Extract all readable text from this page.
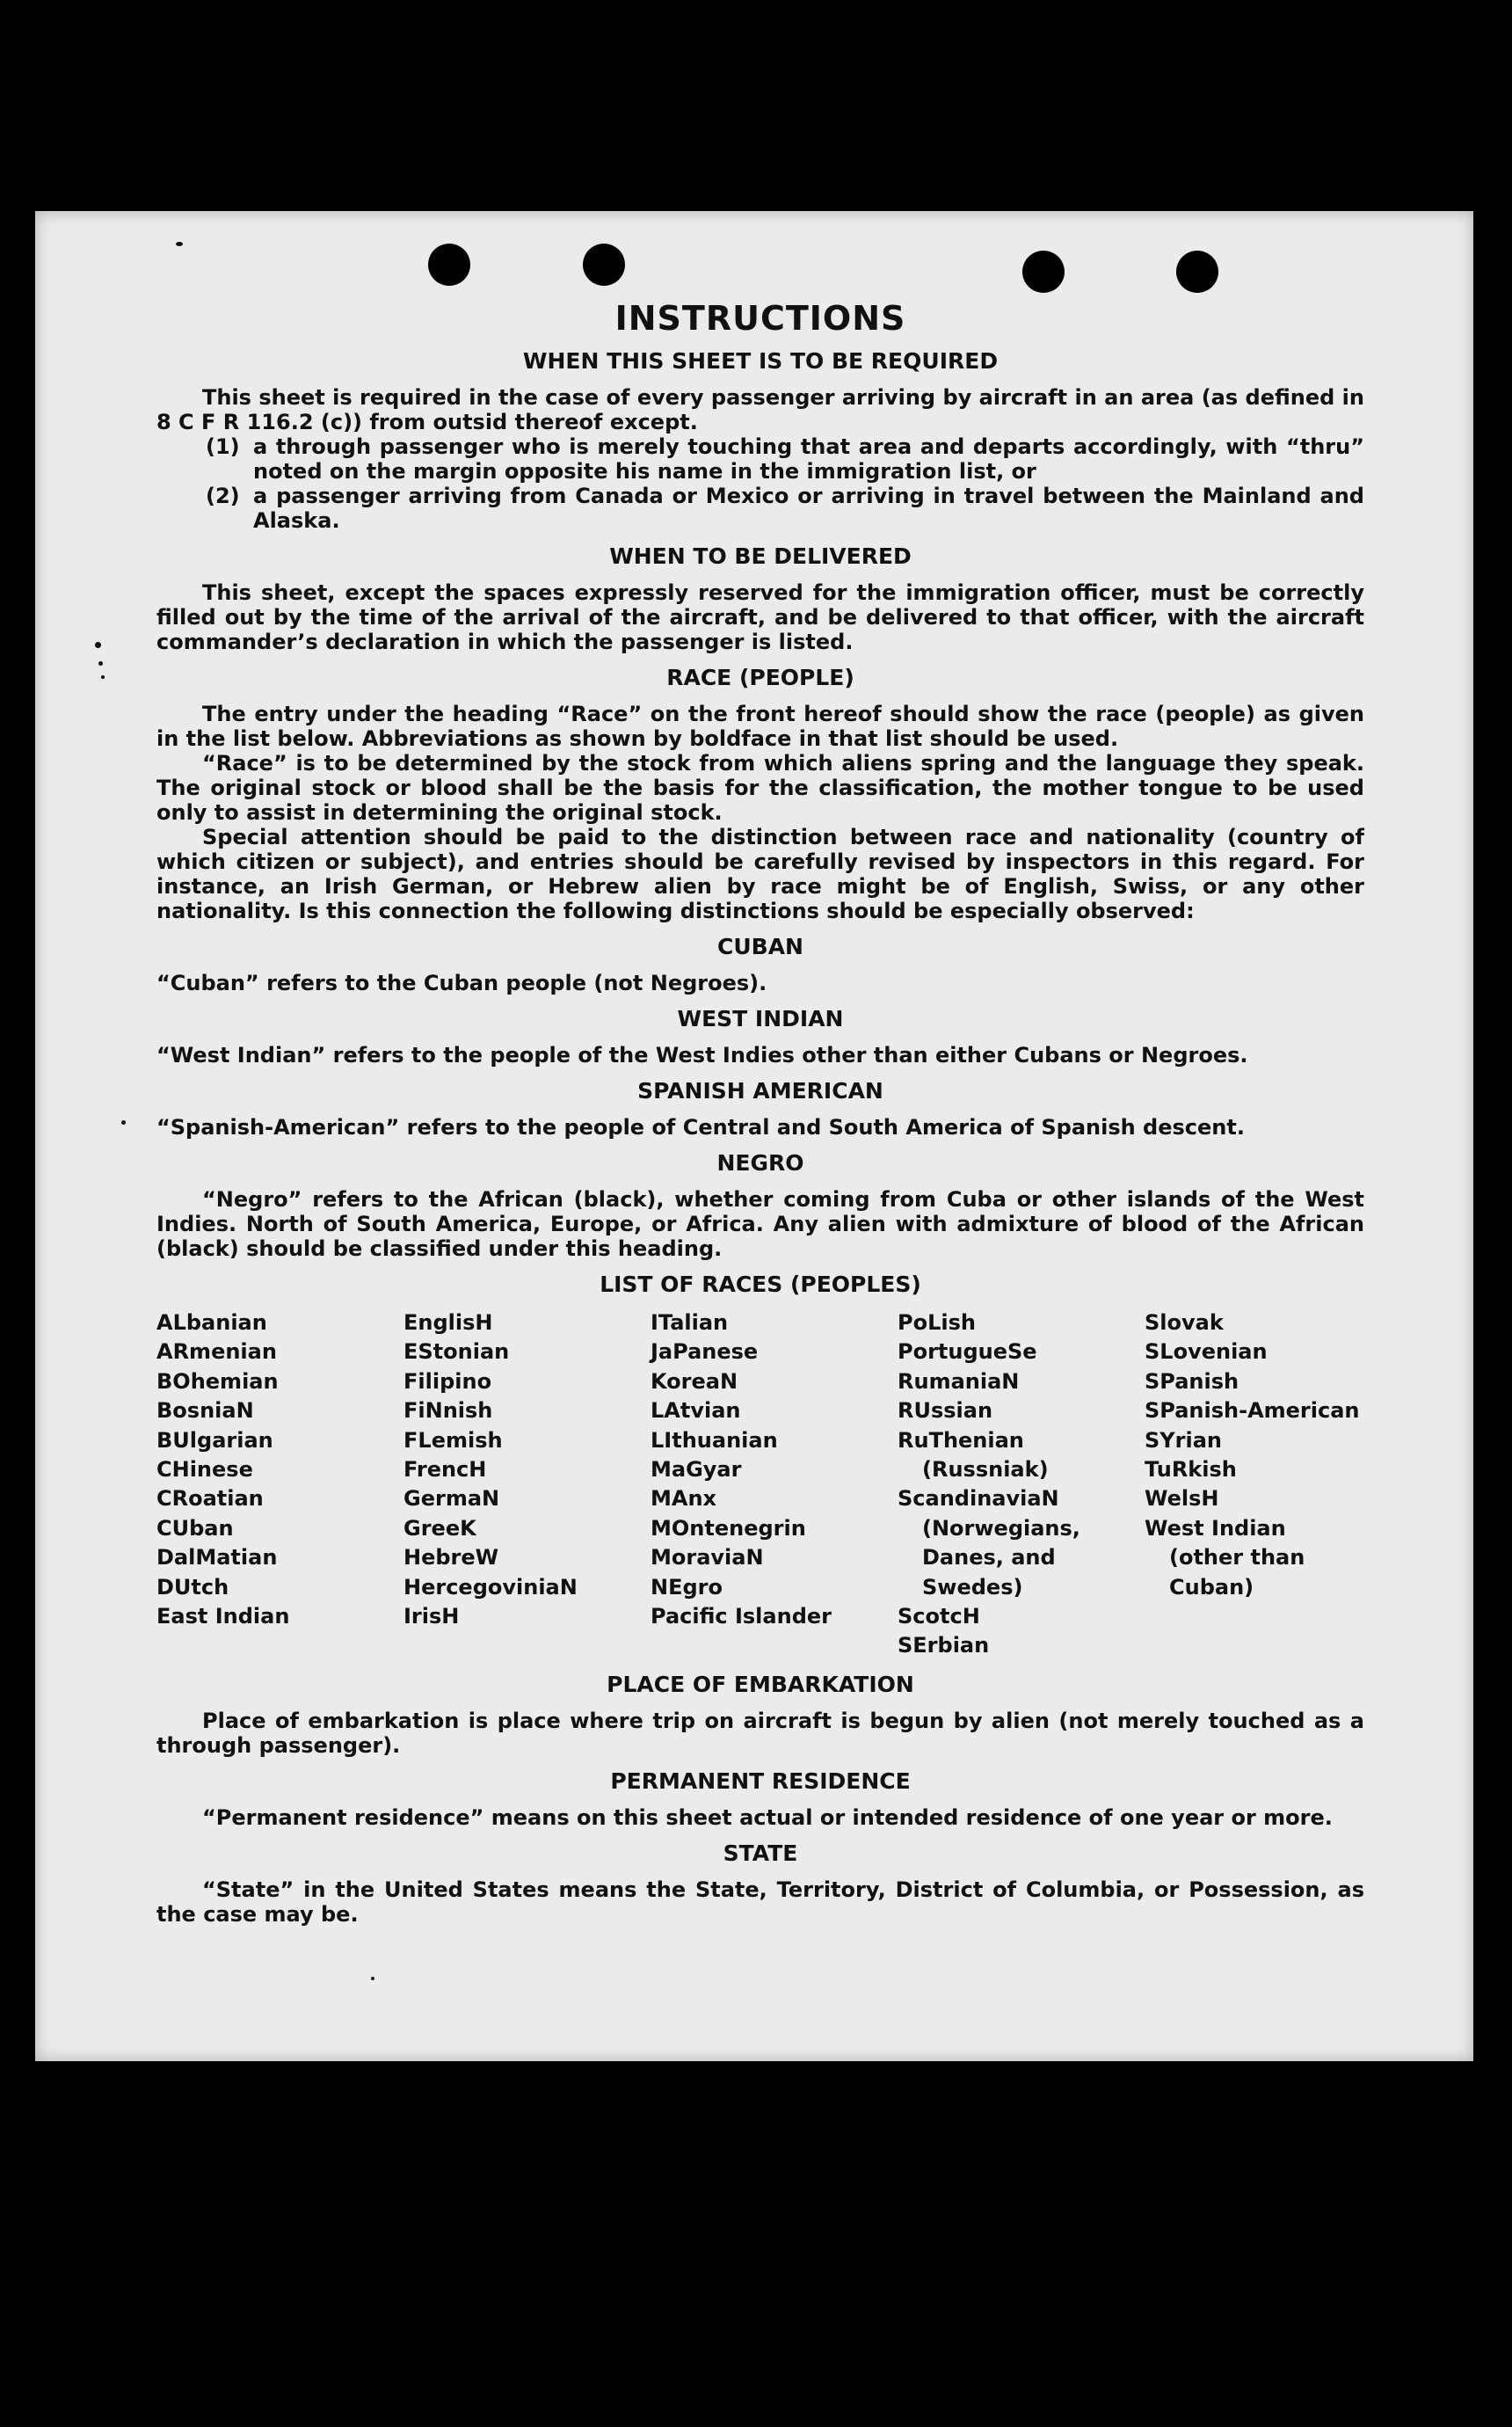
INSTRUCTIONS
WHEN THIS SHEET IS TO BE REQUIRED

This sheet is required in the case of every passenger arriving by aircraft in an area (as defined in 8 C F R 116.2 (c)) from outsid thereof except.

(1) a through passenger who is merely touching that area and departs accordingly, with “thru” noted on the margin opposite his name in the immigration list, or
(2) a passenger arriving from Canada or Mexico or arriving in travel between the Mainland and Alaska.
WHEN TO BE DELIVERED

This sheet, except the spaces expressly reserved for the immigration officer, must be correctly filled out by the time of the arrival of the aircraft, and be delivered to that officer, with the aircraft commander’s declaration in which the passenger is listed.

RACE (PEOPLE)

The entry under the heading “Race” on the front hereof should show the race (people) as given in the list below. Abbreviations as shown by boldface in that list should be used.

“Race” is to be determined by the stock from which aliens spring and the language they speak. The original stock or blood shall be the basis for the classification, the mother tongue to be used only to assist in determining the original stock.

Special attention should be paid to the distinction between race and nationality (country of which citizen or subject), and entries should be carefully revised by inspectors in this regard. For instance, an Irish German, or Hebrew alien by race might be of English, Swiss, or any other nationality. Is this connection the following distinctions should be especially observed:

CUBAN

“Cuban” refers to the Cuban people (not Negroes).

WEST INDIAN

“West Indian” refers to the people of the West Indies other than either Cubans or Negroes.

SPANISH AMERICAN

“Spanish-American” refers to the people of Central and South America of Spanish descent.

NEGRO

“Negro” refers to the African (black), whether coming from Cuba or other islands of the West Indies. North of South America, Europe, or Africa. Any alien with admixture of blood of the African (black) should be classified under this heading.

LIST OF RACES (PEOPLES)
ALbanian
ARmenian
BOhemian
BosniaN
BUlgarian
CHinese
CRoatian
CUban
DalMatian
DUtch
East Indian
EnglisH
EStonian
Filipino
FiNnish
FLemish
FrencH
GermaN
GreeK
HebreW
HercegoviniaN
IrisH
ITalian
JaPanese
KoreaN
LAtvian
LIthuanian
MaGyar
MAnx
MOntenegrin
MoraviaN
NEgro
Pacific Islander
PoLish
PortugueSe
RumaniaN
RUssian
RuThenian (Russniak)
ScandinaviaN (Norwegians, Danes, and Swedes)
ScotcH
SErbian
Slovak
SLovenian
SPanish
SPanish-American
SYrian
TuRkish
WelsH
West Indian (other than Cuban)
PLACE OF EMBARKATION

Place of embarkation is place where trip on aircraft is begun by alien (not merely touched as a through passenger).

PERMANENT RESIDENCE

“Permanent residence” means on this sheet actual or intended residence of one year or more.

STATE

“State” in the United States means the State, Territory, District of Columbia, or Possession, as the case may be.
